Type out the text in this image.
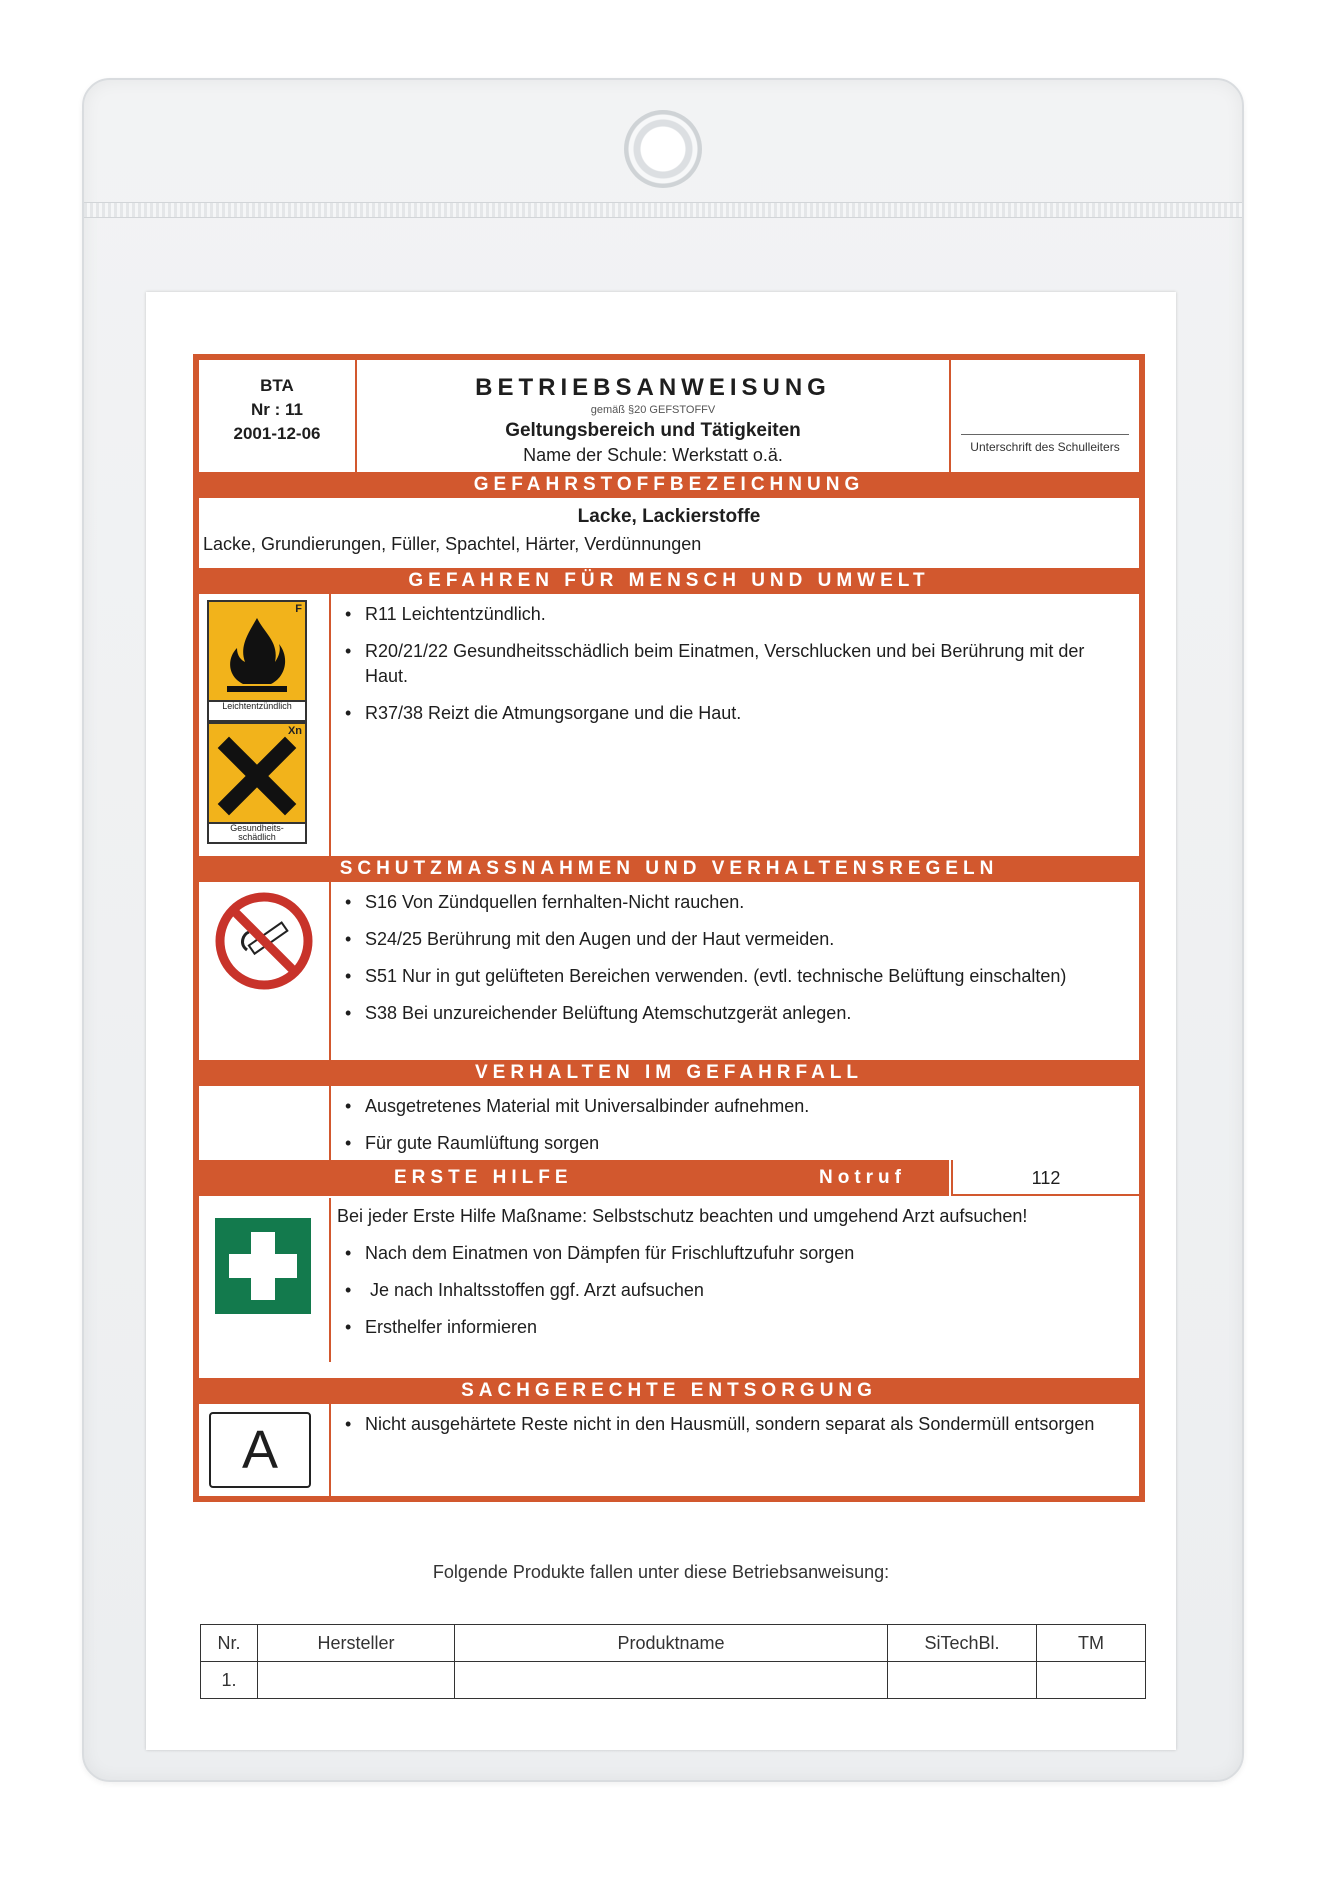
BTA
Nr : 11
2001-12-06
BETRIEBSANWEISUNG
gemäß §20 GEFSTOFFV
Geltungsbereich und Tätigkeiten
Name der Schule: Werkstatt o.ä.	Unterschrift des Schulleiters
GEFAHRSTOFFBEZEICHNUNG
Lacke, Lackierstoffe
Lacke, Grundierungen, Füller, Spachtel, Härter, Verdünnungen
GEFAHREN FÜR MENSCH UND UMWELT
F
Leichtentzündlich
Xn
Gesundheits-
schädlich
• R11 Leichtentzündlich.
• R20/21/22 Gesundheitsschädlich beim Einatmen, Verschlucken und bei Berührung mit der Haut.
• R37/38 Reizt die Atmungsorgane und die Haut.
SCHUTZMASSNAHMEN UND VERHALTENSREGELN
• S16 Von Zündquellen fernhalten-Nicht rauchen.
• S24/25 Berührung mit den Augen und der Haut vermeiden.
• S51 Nur in gut gelüfteten Bereichen verwenden. (evtl. technische Belüftung einschalten)
• S38 Bei unzureichender Belüftung Atemschutzgerät anlegen.
VERHALTEN IM GEFAHRFALL
• Ausgetretenes Material mit Universalbinder aufnehmen.
• Für gute Raumlüftung sorgen
ERSTE HILFE	Notruf	112
Bei jeder Erste Hilfe Maßname: Selbstschutz beachten und umgehend Arzt aufsuchen!
• Nach dem Einatmen von Dämpfen für Frischluftzufuhr sorgen
•  Je nach Inhaltsstoffen ggf. Arzt aufsuchen
• Ersthelfer informieren
SACHGERECHTE ENTSORGUNG
A	• Nicht ausgehärtete Reste nicht in den Hausmüll, sondern separat als Sondermüll entsorgen
Folgende Produkte fallen unter diese Betriebsanweisung:
Nr.	Hersteller	Produktname	SiTechBl.	TM
1.				
